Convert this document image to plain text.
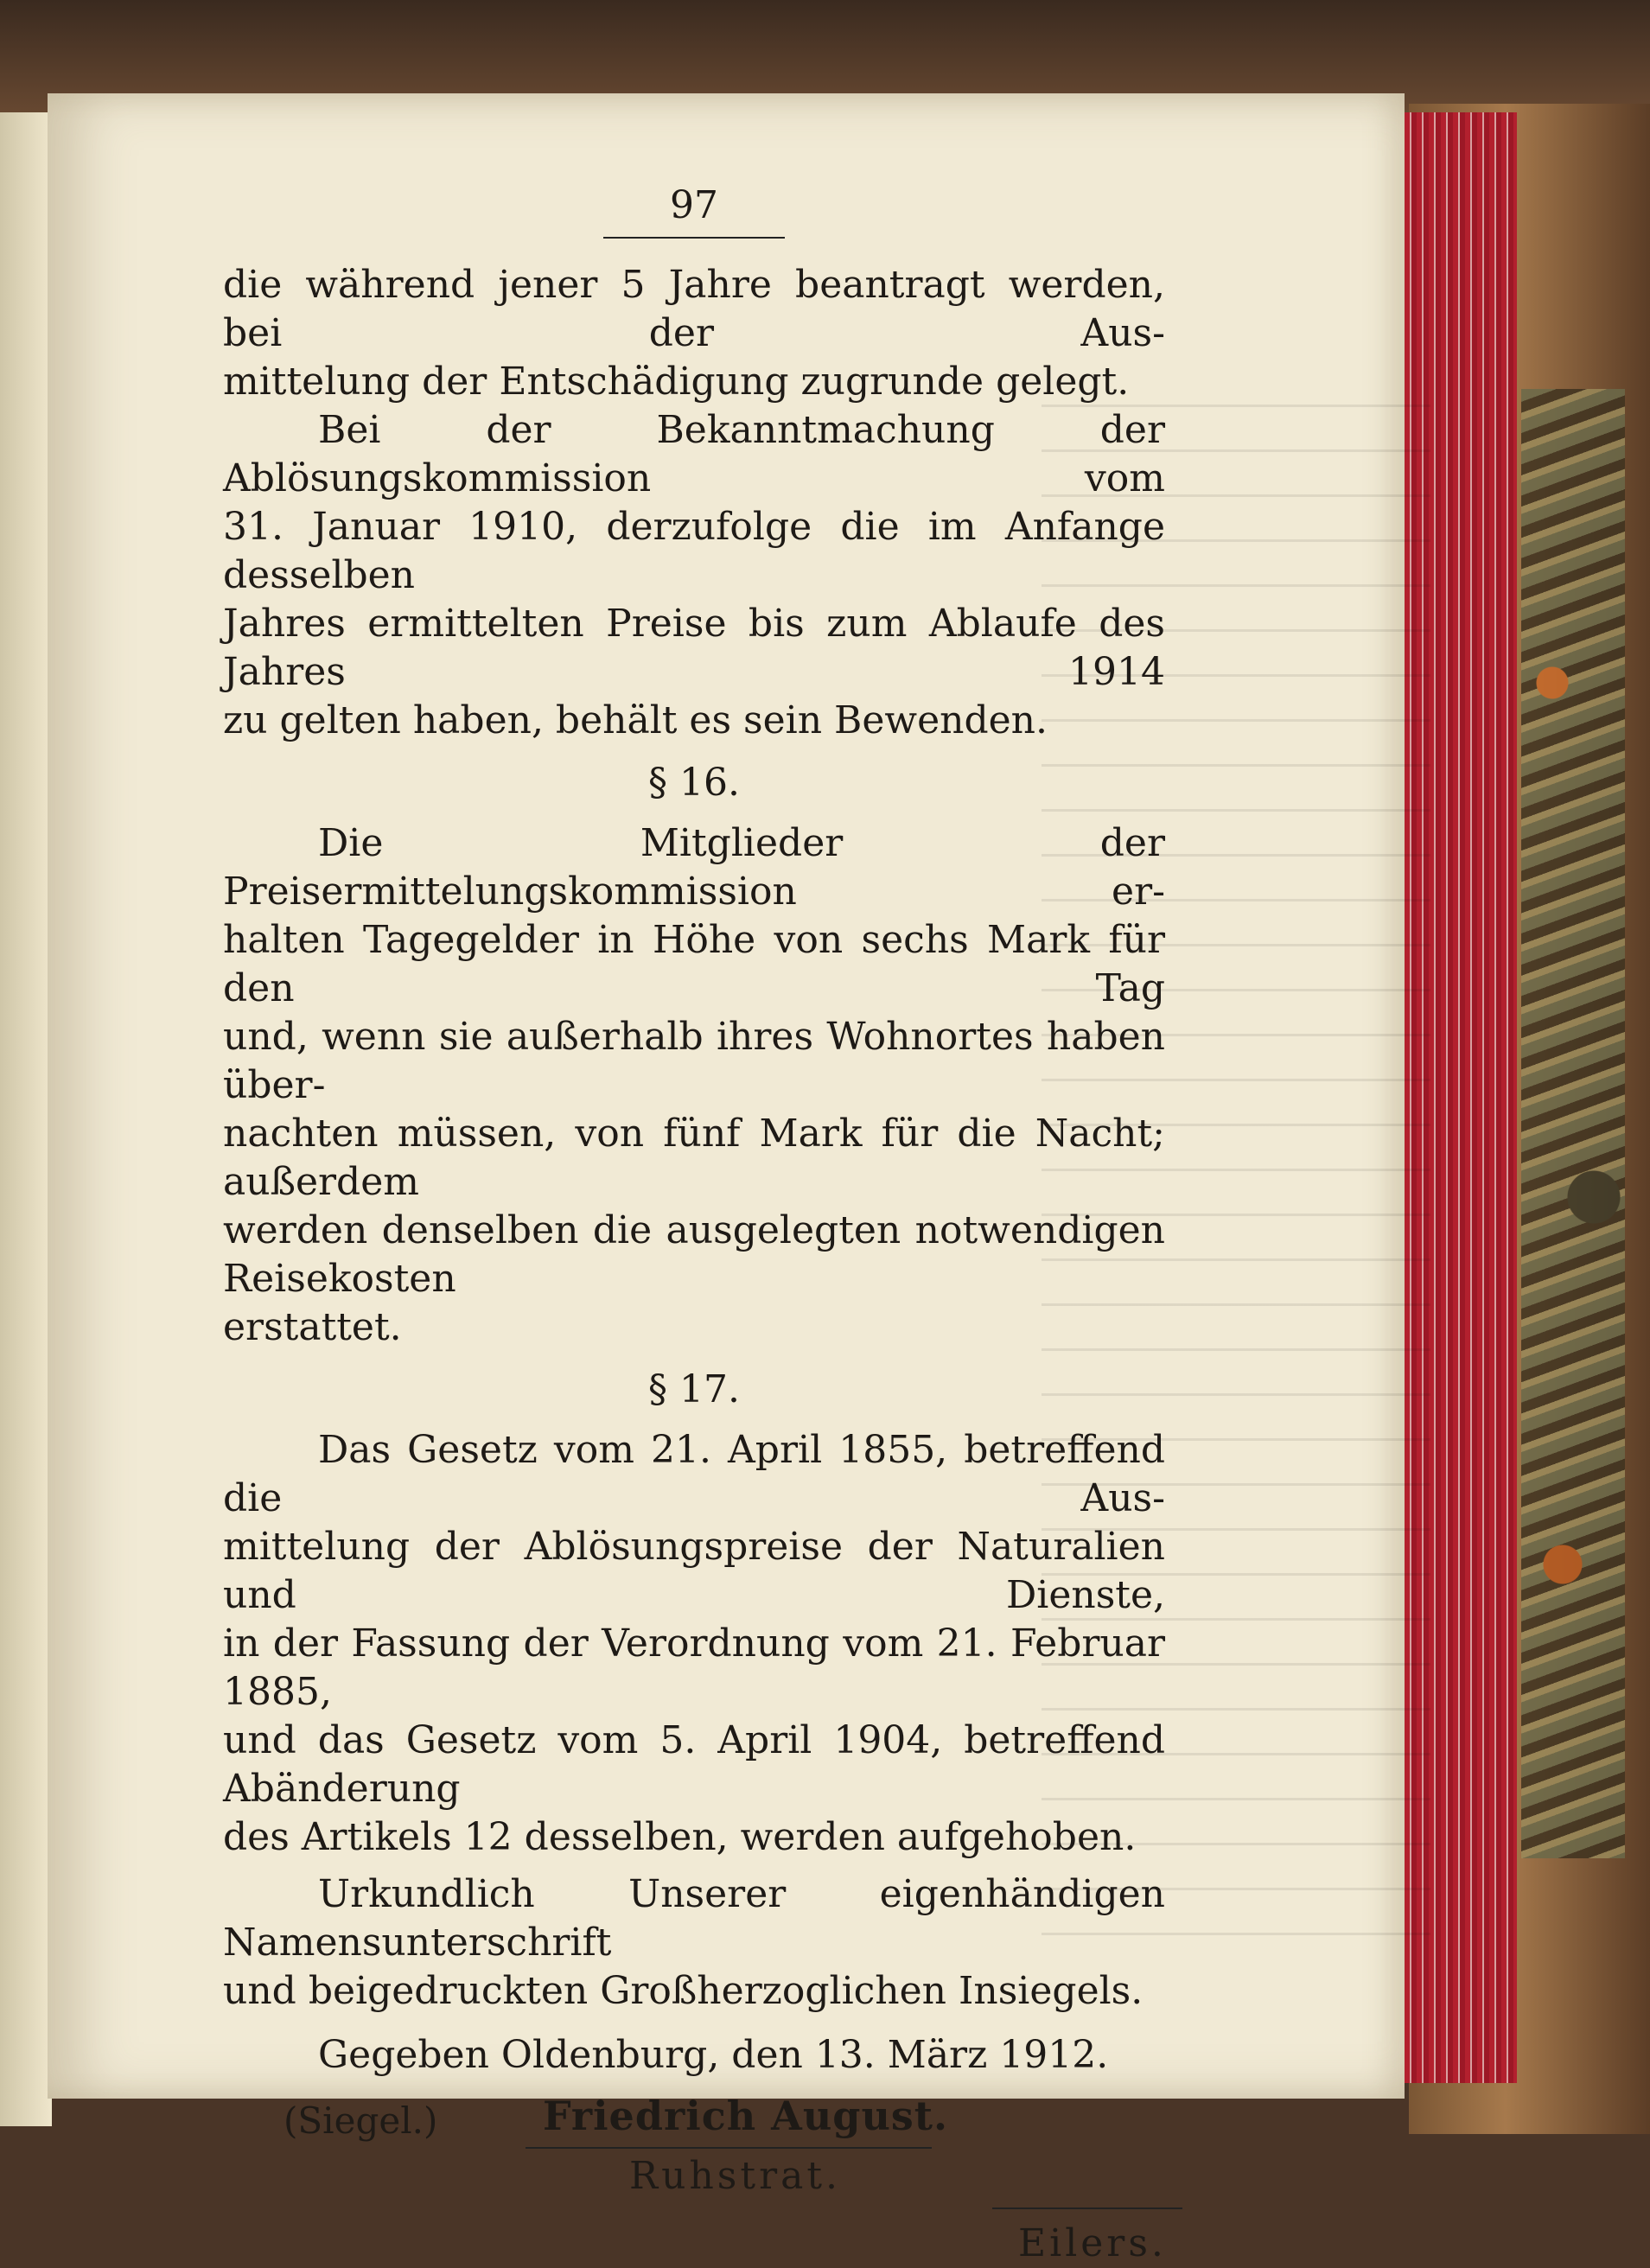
97

die während jener 5 Jahre beantragt werden, bei der Aus-

mittelung der Entschädigung zugrunde gelegt.

Bei der Bekanntmachung der Ablösungskommission vom

31. Januar 1910, derzufolge die im Anfange desselben

Jahres ermittelten Preise bis zum Ablaufe des Jahres 1914

zu gelten haben, behält es sein Bewenden.

§ 16.

Die Mitglieder der Preisermittelungskommission er-

halten Tagegelder in Höhe von sechs Mark für den Tag

und, wenn sie außerhalb ihres Wohnortes haben über-

nachten müssen, von fünf Mark für die Nacht; außerdem

werden denselben die ausgelegten notwendigen Reisekosten

erstattet.

§ 17.

Das Gesetz vom 21. April 1855, betreffend die Aus-

mittelung der Ablösungspreise der Naturalien und Dienste,

in der Fassung der Verordnung vom 21. Februar 1885,

und das Gesetz vom 5. April 1904, betreffend Abänderung

des Artikels 12 desselben, werden aufgehoben.

Urkundlich Unserer eigenhändigen Namensunterschrift

und beigedruckten Großherzoglichen Insiegels.

Gegeben Oldenburg, den 13. März 1912.

(Siegel.)	Friedrich August.
Ruhstrat.
Eilers.
